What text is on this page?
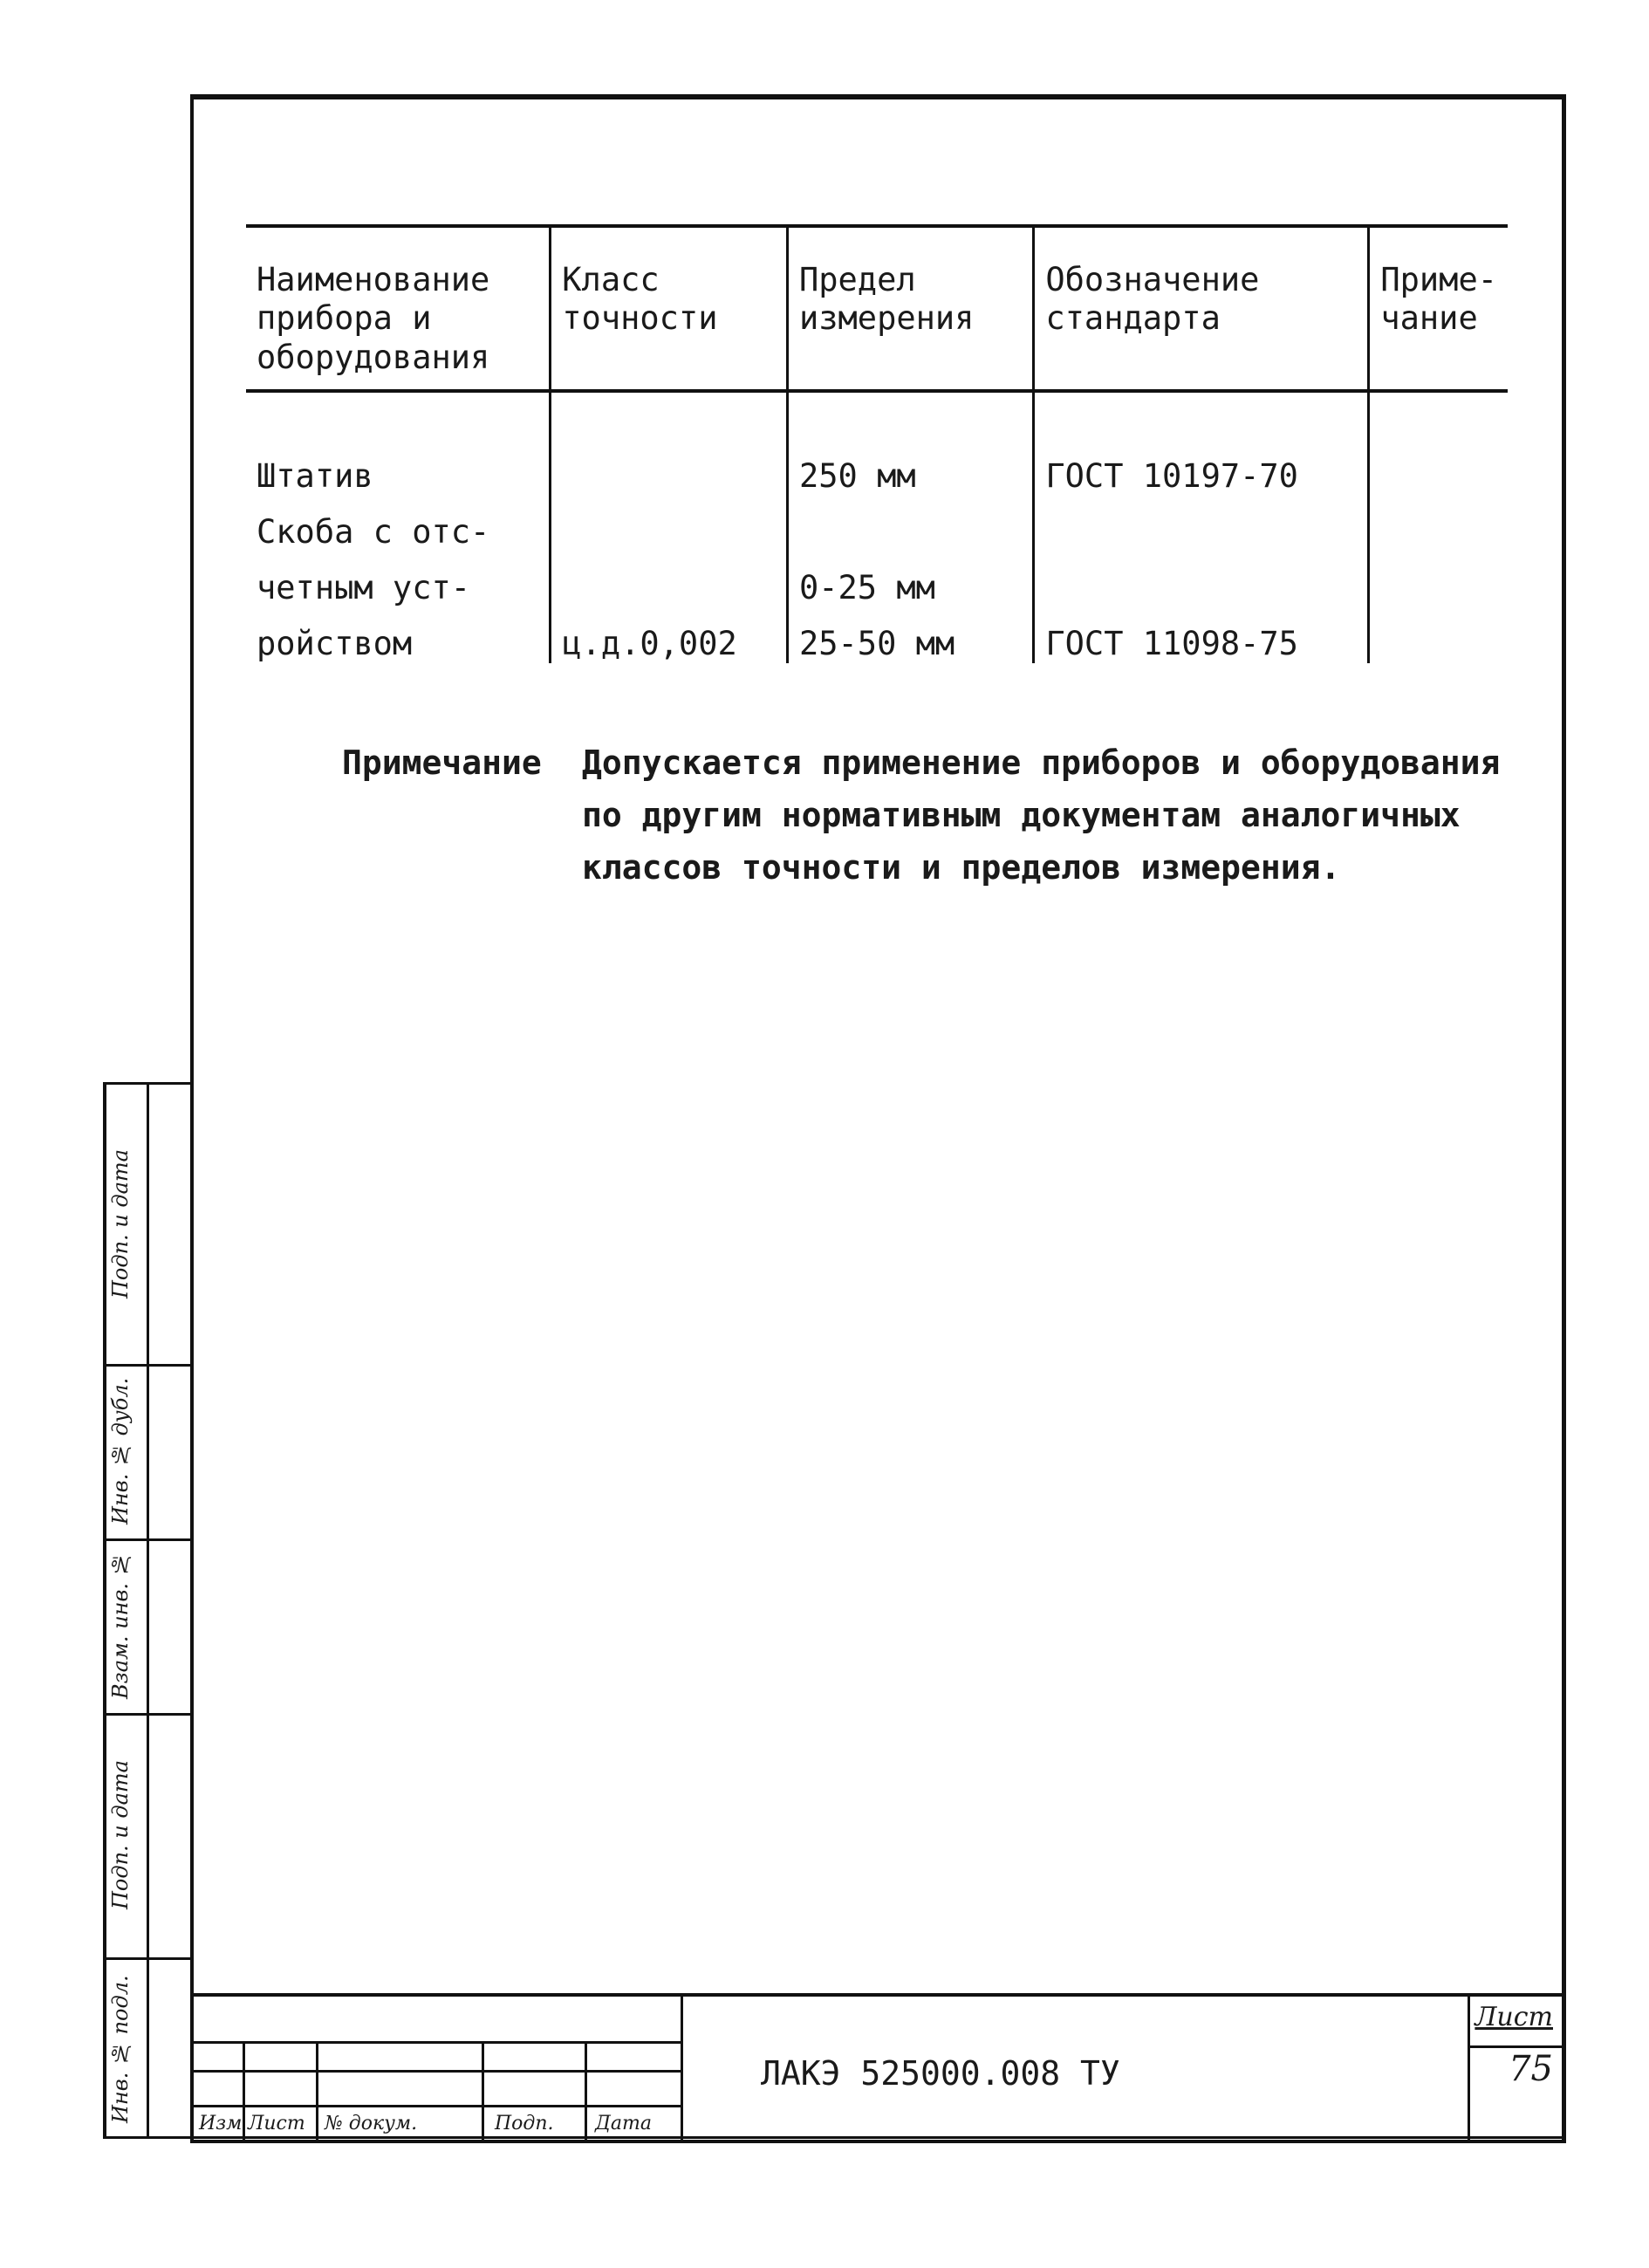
Наименование прибора и оборудования	Класс точности	Предел измерения	Обозначение стандарта	Приме- чание
Штатив		250 мм	ГОСТ 10197-70	
Скоба с отс-				
четным уст-		0-25 мм		
ройством	ц.д.0,002	25-50 мм	ГОСТ 11098-75	
Примечание	Допускается применение приборов и оборудования по другим нормативным документам аналогичных классов точности и пределов измерения.
Изм Лист № докум.	Подп. Дата
ЛАКЭ 525000.008 ТУ
Лист
75
Подп. и дата
Инв. № дубл.
Взам. инв. №
Подп. и дата
Инв. № подл.
